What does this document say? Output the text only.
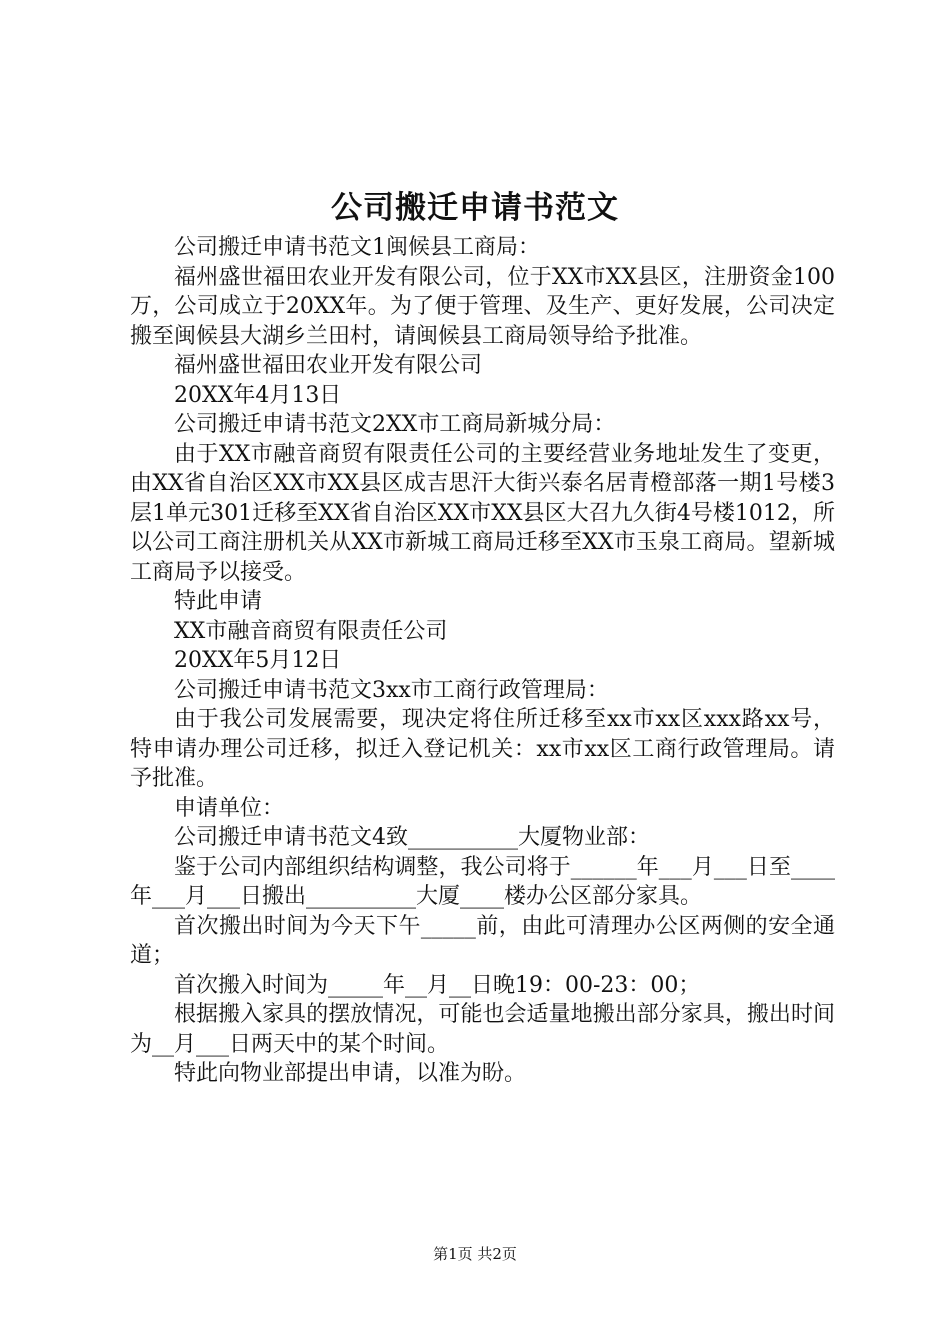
公司搬迁申请书范文

公司搬迁申请书范文1闽候县工商局：

福州盛世福田农业开发有限公司，位于XX市XX县区，注册资金100万，公司成立于20XX年。为了便于管理、及生产、更好发展，公司决定搬至闽候县大湖乡兰田村，请闽候县工商局领导给予批准。

福州盛世福田农业开发有限公司

20XX年4月13日

公司搬迁申请书范文2XX市工商局新城分局：

由于XX市融音商贸有限责任公司的主要经营业务地址发生了变更，由XX省自治区XX市XX县区成吉思汗大街兴泰名居青橙部落一期1号楼3层1单元301迁移至XX省自治区XX市XX县区大召九久街4号楼1012，所以公司工商注册机关从XX市新城工商局迁移至XX市玉泉工商局。望新城工商局予以接受。

特此申请

XX市融音商贸有限责任公司

20XX年5月12日

公司搬迁申请书范文3xx市工商行政管理局：

由于我公司发展需要，现决定将住所迁移至xx市xx区xxx路xx号，特申请办理公司迁移，拟迁入登记机关：xx市xx区工商行政管理局。请予批准。

申请单位：

公司搬迁申请书范文4致__________大厦物业部：

鉴于公司内部组织结构调整，我公司将于______年___月___日至____年___月___日搬出__________大厦____楼办公区部分家具。

首次搬出时间为今天下午_____前，由此可清理办公区两侧的安全通道；

首次搬入时间为_____年__月__日晚19：00-23：00；

根据搬入家具的摆放情况，可能也会适量地搬出部分家具，搬出时间为__月___日两天中的某个时间。

特此向物业部提出申请，以准为盼。

第1页 共2页
